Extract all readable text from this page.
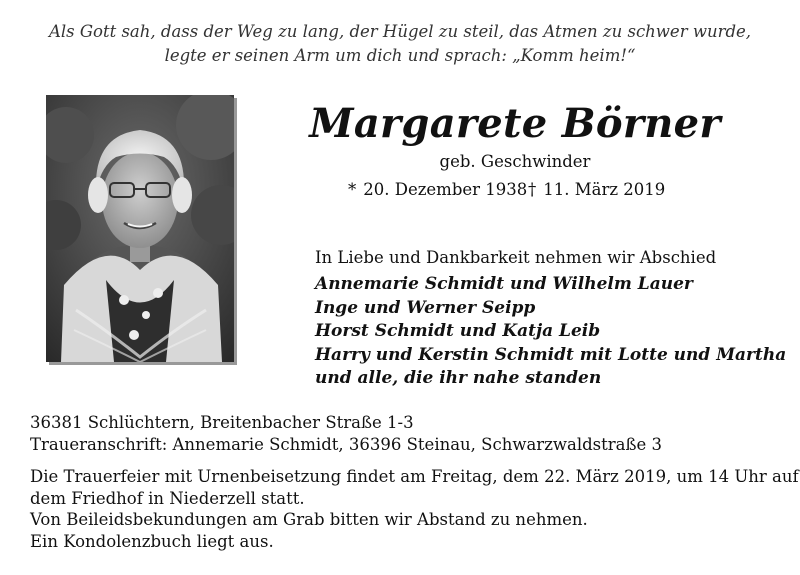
Als Gott sah, dass der Weg zu lang, der Hügel zu steil, das Atmen zu schwer wurde,
legte er seinen Arm um dich und sprach: „Komm heim!“
Margarete Börner
geb. Geschwinder
* 20. Dezember 1938 † 11. März 2019
In Liebe und Dankbarkeit nehmen wir Abschied
Annemarie Schmidt und Wilhelm Lauer
Inge und Werner Seipp
Horst Schmidt und Katja Leib
Harry und Kerstin Schmidt mit Lotte und Martha
und alle, die ihr nahe standen
36381 Schlüchtern, Breitenbacher Straße 1-3
Traueranschrift: Annemarie Schmidt, 36396 Steinau, Schwarzwaldstraße 3
Die Trauerfeier mit Urnenbeisetzung findet am Freitag, dem 22. März 2019, um 14 Uhr auf
dem Friedhof in Niederzell statt.
Von Beileidsbekundungen am Grab bitten wir Abstand zu nehmen.
Ein Kondolenzbuch liegt aus.
